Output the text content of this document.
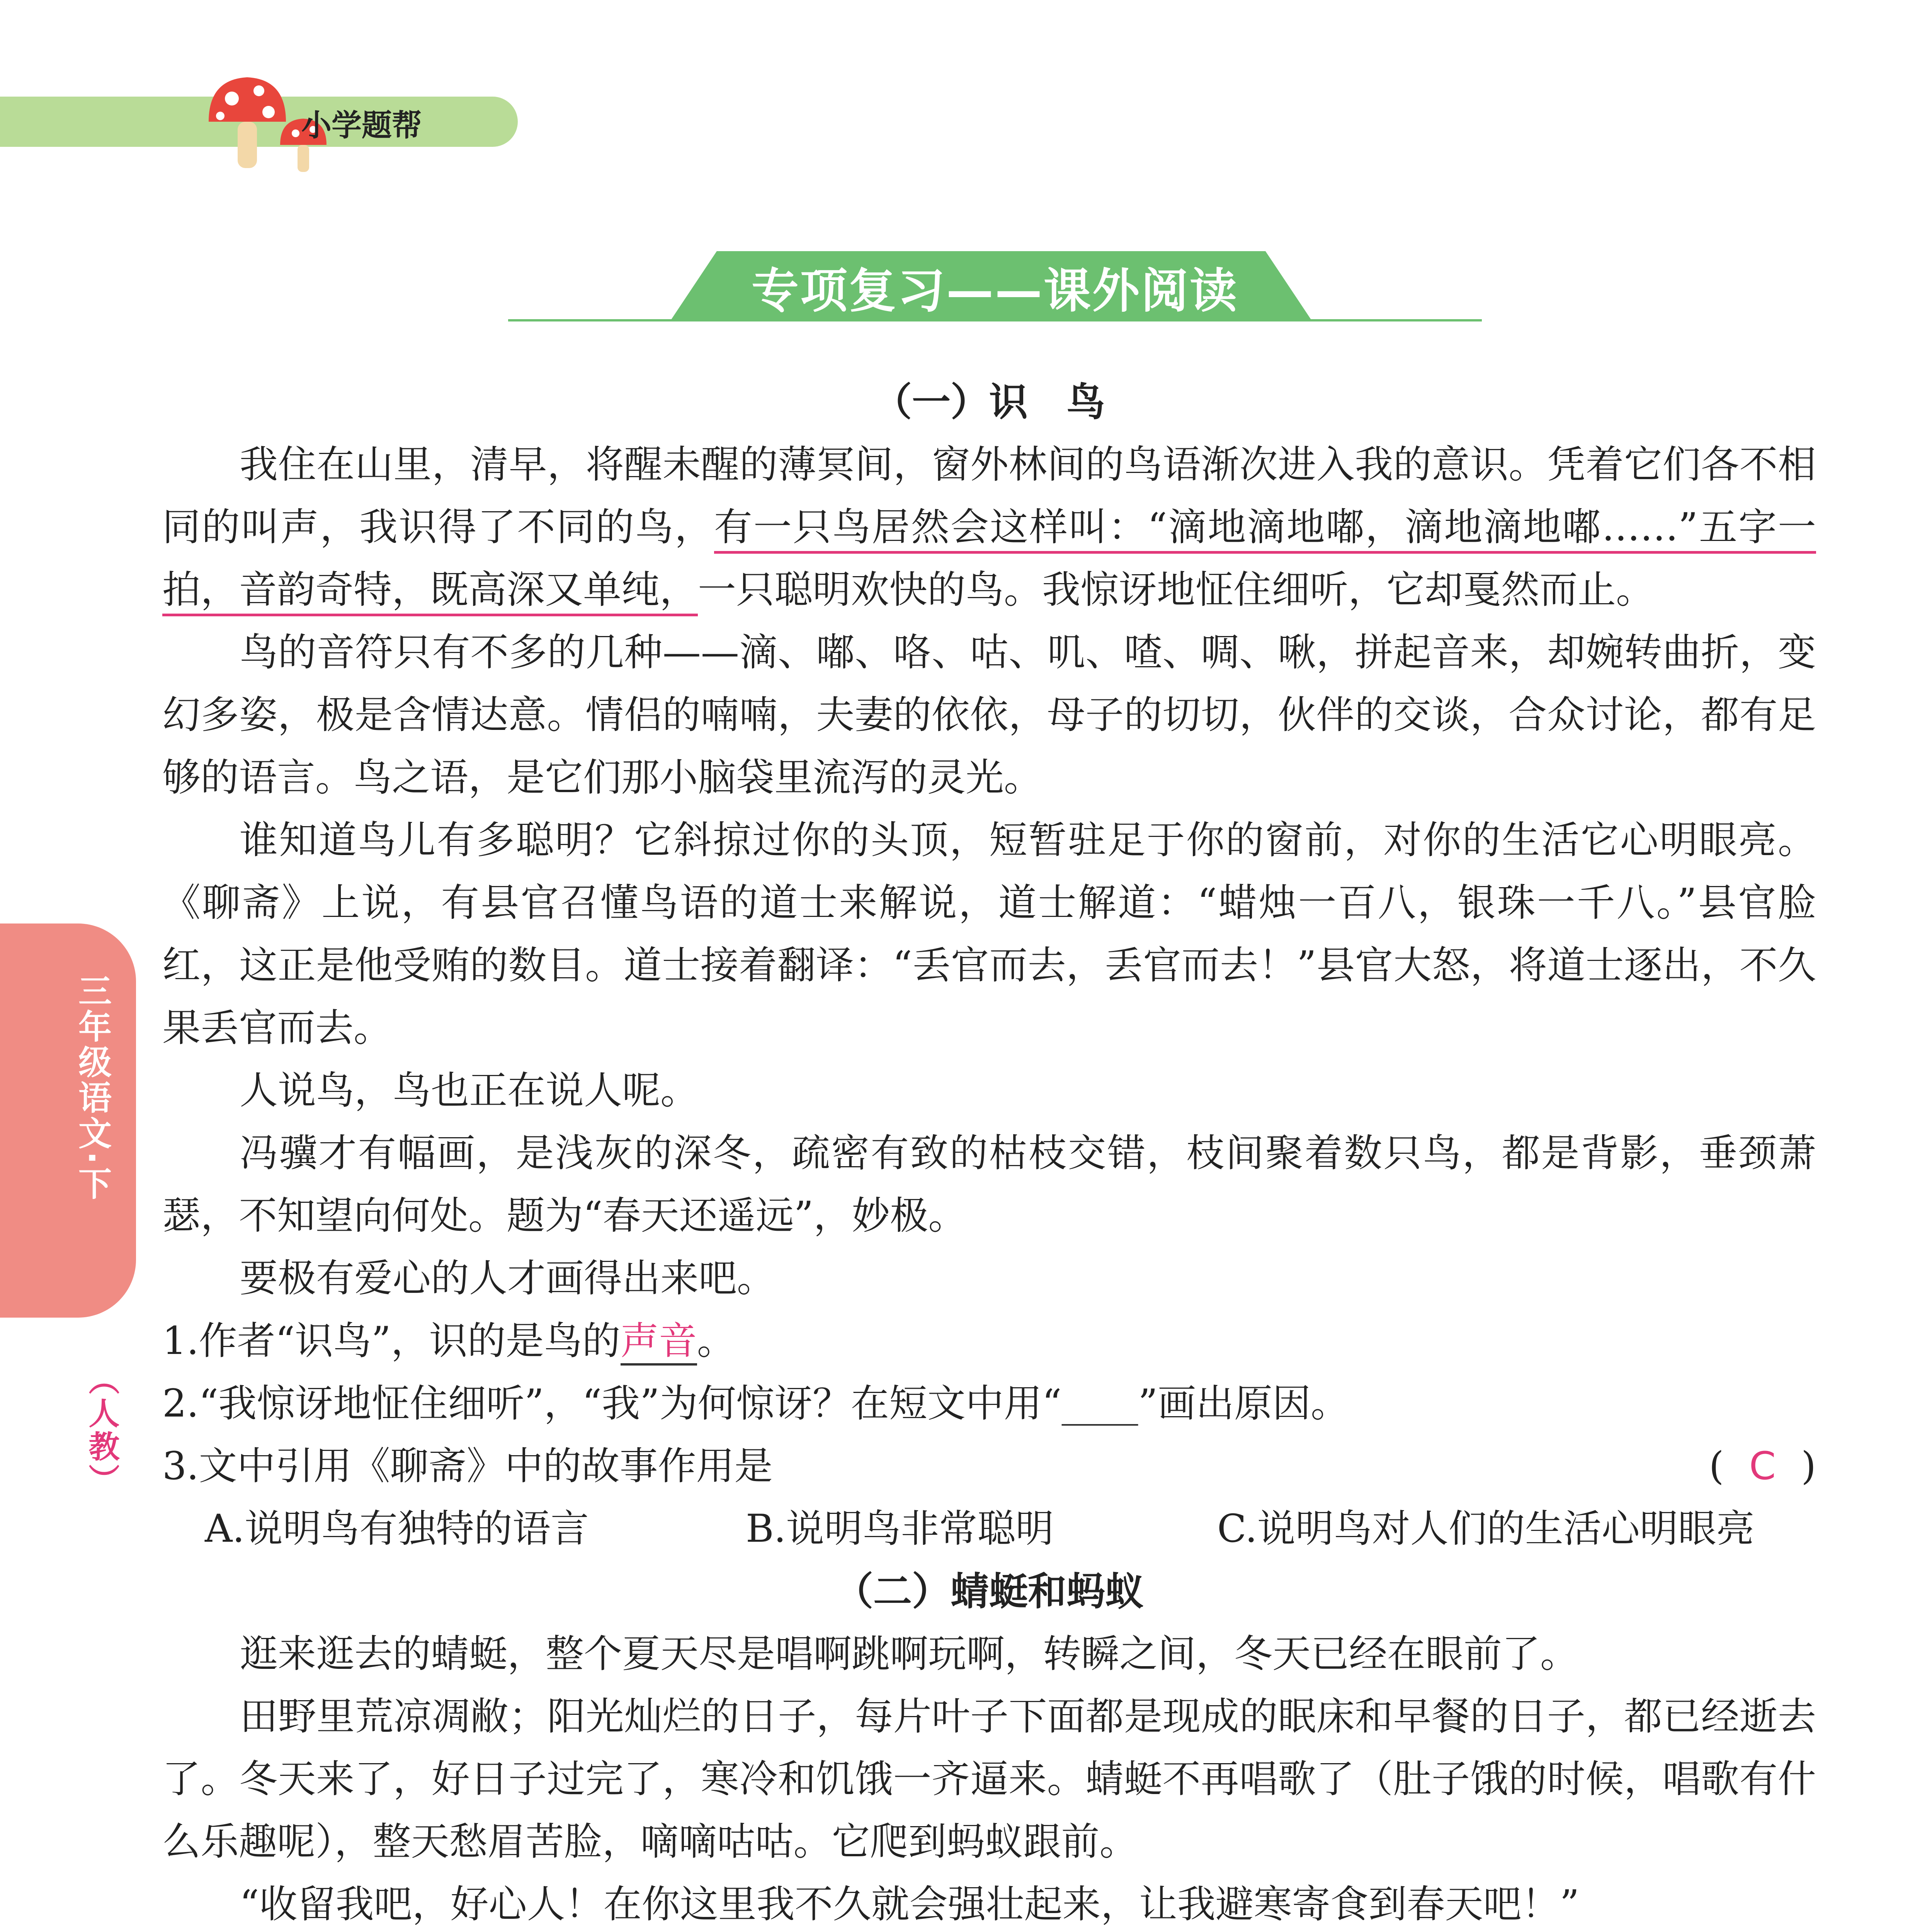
小学题帮
专项复习——课外阅读
三年级语文·下
（人教）

（一）识　鸟

我住在山里，清早，将醒未醒的薄冥间，窗外林间的鸟语渐次进入我的意识。凭着它们各不相同的叫声，我识得了不同的鸟，有一只鸟居然会这样叫：“滴地滴地嘟，滴地滴地嘟……”五字一拍，音韵奇特，既高深又单纯，一只聪明欢快的鸟。我惊讶地怔住细听，它却戛然而止。

鸟的音符只有不多的几种——滴、嘟、咯、咕、叽、喳、啁、啾，拼起音来，却婉转曲折，变幻多姿，极是含情达意。情侣的喃喃，夫妻的依依，母子的切切，伙伴的交谈，合众讨论，都有足够的语言。鸟之语，是它们那小脑袋里流泻的灵光。

谁知道鸟儿有多聪明？它斜掠过你的头顶，短暂驻足于你的窗前，对你的生活它心明眼亮。《聊斋》上说，有县官召懂鸟语的道士来解说，道士解道：“蜡烛一百八，银珠一千八。”县官脸红，这正是他受贿的数目。道士接着翻译：“丢官而去，丢官而去！”县官大怒，将道士逐出，不久果丢官而去。

人说鸟，鸟也正在说人呢。

冯骥才有幅画，是浅灰的深冬，疏密有致的枯枝交错，枝间聚着数只鸟，都是背影，垂颈萧瑟，不知望向何处。题为“春天还遥远”，妙极。

要极有爱心的人才画得出来吧。

1.作者“识鸟”，识的是鸟的声音。

2.“我惊讶地怔住细听”，“我”为何惊讶？在短文中用“____”画出原因。

3.文中引用《聊斋》中的故事作用是	( C )

A.说明鸟有独特的语言	B.说明鸟非常聪明	C.说明鸟对人们的生活心明眼亮

（二）蜻蜓和蚂蚁

逛来逛去的蜻蜓，整个夏天尽是唱啊跳啊玩啊，转瞬之间，冬天已经在眼前了。

田野里荒凉凋敝；阳光灿烂的日子，每片叶子下面都是现成的眠床和早餐的日子，都已经逝去了。冬天来了，好日子过完了，寒冷和饥饿一齐逼来。蜻蜓不再唱歌了（肚子饿的时候，唱歌有什么乐趣呢），整天愁眉苦脸，嘀嘀咕咕。它爬到蚂蚁跟前。

“收留我吧，好心人！在你这里我不久就会强壮起来，让我避寒寄食到春天吧！”
